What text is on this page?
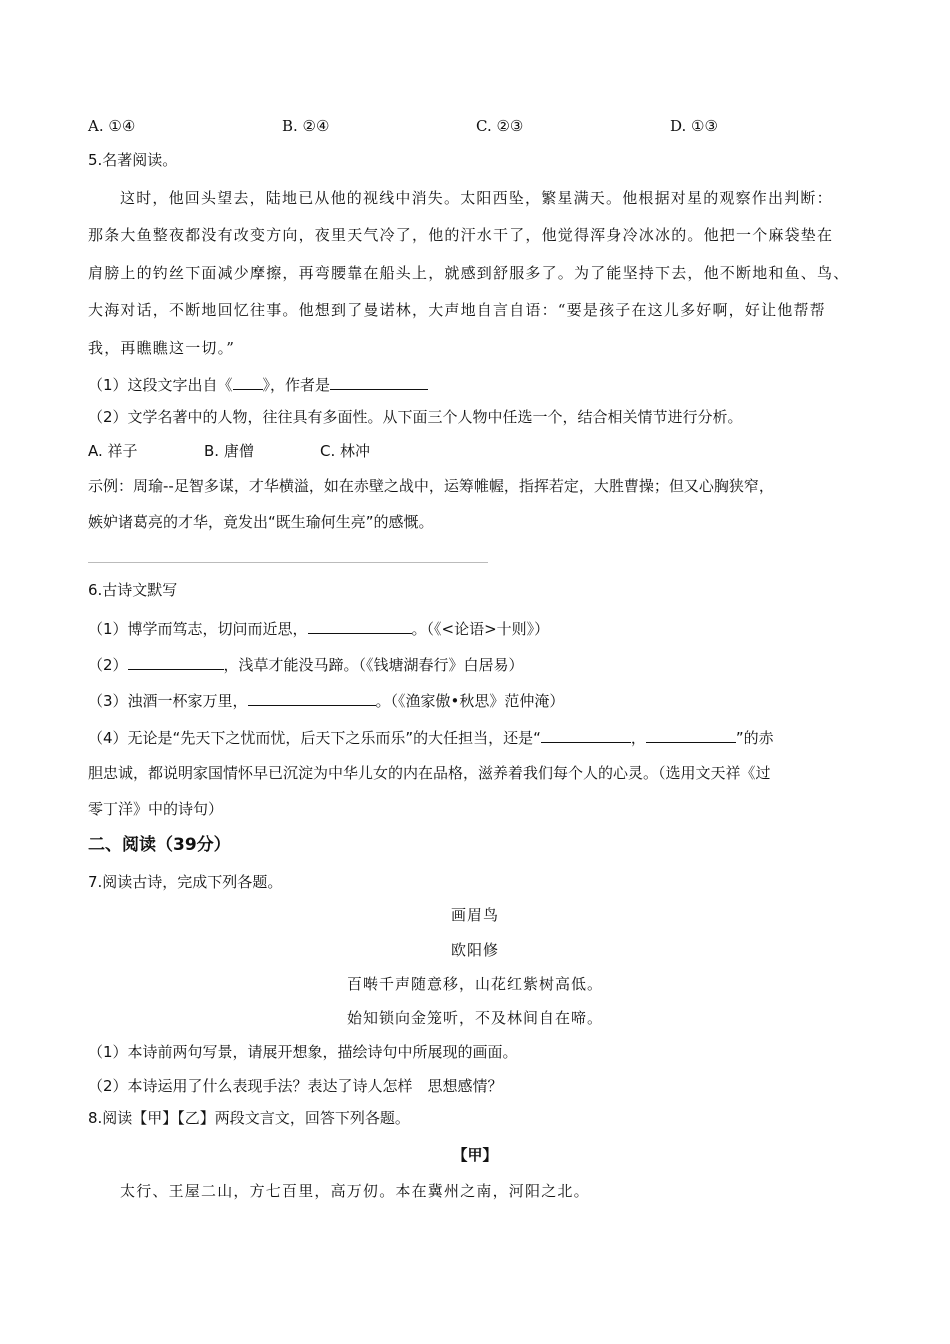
A. ①④	B. ②④	C. ②③	D. ①③
5.名著阅读。
这时，他回头望去，陆地已从他的视线中消失。太阳西坠，繁星满天。他根据对星的观察作出判断：
那条大鱼整夜都没有改变方向，夜里天气冷了，他的汗水干了，他觉得浑身冷冰冰的。他把一个麻袋垫在
肩膀上的钓丝下面减少摩擦，再弯腰靠在船头上，就感到舒服多了。为了能坚持下去，他不断地和鱼、鸟、
大海对话，不断地回忆往事。他想到了曼诺林，大声地自言自语：“要是孩子在这儿多好啊，好让他帮帮
我，再瞧瞧这一切。”
（1）这段文字出自《 》，作者是
（2）文学名著中的人物，往往具有多面性。从下面三个人物中任选一个，结合相关情节进行分析。
A. 祥子	B. 唐僧	C. 林冲
示例：周瑜--足智多谋，才华横溢，如在赤壁之战中，运筹帷幄，指挥若定，大胜曹操；但又心胸狭窄，
嫉妒诸葛亮的才华，竟发出“既生瑜何生亮”的感慨。
6.古诗文默写
（1）博学而笃志，切问而近思，	。（《<论语>十则》）
（2）	，浅草才能没马蹄。（《钱塘湖春行》白居易）
（3）浊酒一杯家万里，	。（《渔家傲•秋思》范仲淹）
（4）无论是“先天下之忧而忧，后天下之乐而乐”的大任担当，还是“	，	”的赤
胆忠诚，都说明家国情怀早已沉淀为中华儿女的内在品格，滋养着我们每个人的心灵。（选用文天祥《过
零丁洋》中的诗句）
二、阅读（39分）
7.阅读古诗，完成下列各题。
画眉鸟
欧阳修
百啭千声随意移，山花红紫树高低。
始知锁向金笼听，不及林间自在啼。
（1）本诗前两句写景，请展开想象，描绘诗句中所展现的画面。
（2）本诗运用了什么表现手法？表达了诗人怎样　思想感情？
8.阅读【甲】【乙】两段文言文，回答下列各题。
【甲】
太行、王屋二山，方七百里，高万仞。本在冀州之南，河阳之北。
